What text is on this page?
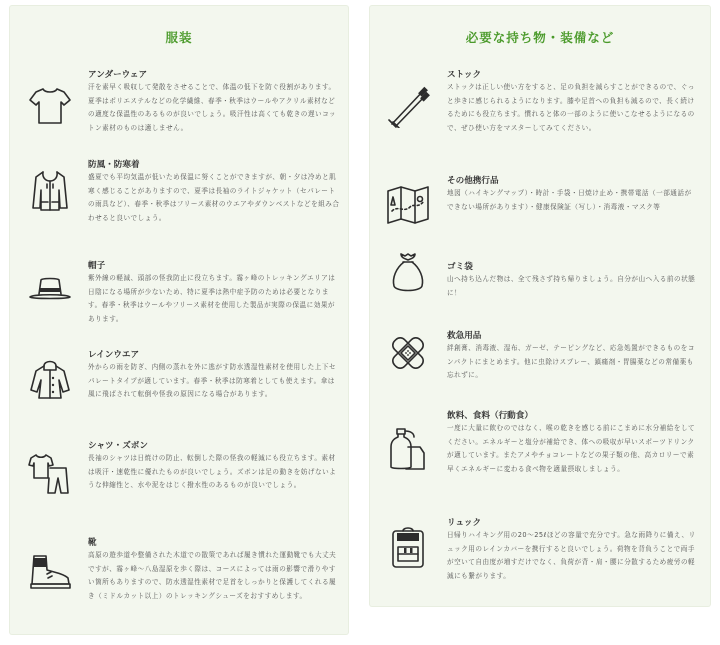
服装
アンダーウェア
汗を素早く吸収して発散をさせることで、体温の低下を防ぐ役割があります。夏季はポリエステルなどの化学繊維、春季・秋季はウールやアクリル素材などの適度な保温性のあるものが良いでしょう。吸汗性は高くても乾きの遅いコットン素材のものは適しません。
防風・防寒着
盛夏でも平均気温が低いため保温に努くことができますが、朝・夕は冷めと肌寒く感じることがありますので、夏季は長袖のライトジャケット（セパレートの雨具など）、春季・秋季はフリース素材のウエアやダウンベストなどを組み合わせると良いでしょう。
帽子
紫外線の軽減、頭部の怪我防止に役立ちます。霧ヶ峰のトレッキングエリアは日陰になる場所が少ないため、特に夏季は熱中症予防のためは必要となります。春季・秋季はウールやフリース素材を使用した製品が実際の保温に効果があります。
レインウエア
外からの雨を防ぎ、内側の蒸れを外に逃がす防水透湿性素材を使用した上下セパレートタイプが適しています。春季・秋季は防寒着としても使えます。傘は風に飛ばされて転倒や怪我の原因になる場合があります。
シャツ・ズボン
長袖のシャツは日焼けの防止、転倒した際の怪我の軽減にも役立ちます。素材は吸汗・速乾性に優れたものが良いでしょう。ズボンは足の動きを妨げないような伸縮性と、水や泥をはじく撥水性のあるものが良いでしょう。
靴
高原の遊歩道や整備された木道での散策であれば履き慣れた運動靴でも大丈夫ですが、霧ヶ峰～八島湿原を歩く際は、コースによっては雨の影響で滑りやすい箇所もありますので、防水透湿性素材で足首をしっかりと保護してくれる履き（ミドルカット以上）のトレッキングシューズをおすすめします。
必要な持ち物・装備など
ストック
ストックは正しい使い方をすると、足の負担を減らすことができるので、ぐっと歩きに感じられるようになります。膝や足首への負担も減るので、長く続けるためにも役立ちます。慣れると体の一部のように使いこなせるようになるので、ぜひ使い方をマスターしてみてください。
その他携行品
地図（ハイキングマップ）・時計・手袋・日焼け止め・携帯電話（一部通話ができない場所があります）・健康保険証（写し）・消毒液・マスク等
ゴミ袋
山へ持ち込んだ物は、全て残さず持ち帰りましょう。自分が山へ入る前の状態に！
救急用品
絆創膏、消毒液、湿布、ガーゼ、テーピングなど、応急処置ができるものをコンパクトにまとめます。他に虫除けスプレー、鎮痛剤・胃腸薬などの常備薬も忘れずに。
飲料、食料（行動食）
一度に大量に飲むのではなく、喉の乾きを感じる前にこまめに水分補給をしてください。エネルギーと塩分が補給でき、体への吸収が早いスポーツドリンクが適しています。またアメやチョコレートなどの果子類の他、高カロリーで素早くエネルギーに変わる食べ物を適量摂取しましょう。
リュック
日帰りハイキング用の20～25ℓほどの容量で充分です。急な雨降りに備え、リュック用のレインカバーを携行すると良いでしょう。荷物を背負うことで両手が空いて自由度が増すだけでなく、負荷が背・肩・腰に分散するため疲労の軽減にも繋がります。
